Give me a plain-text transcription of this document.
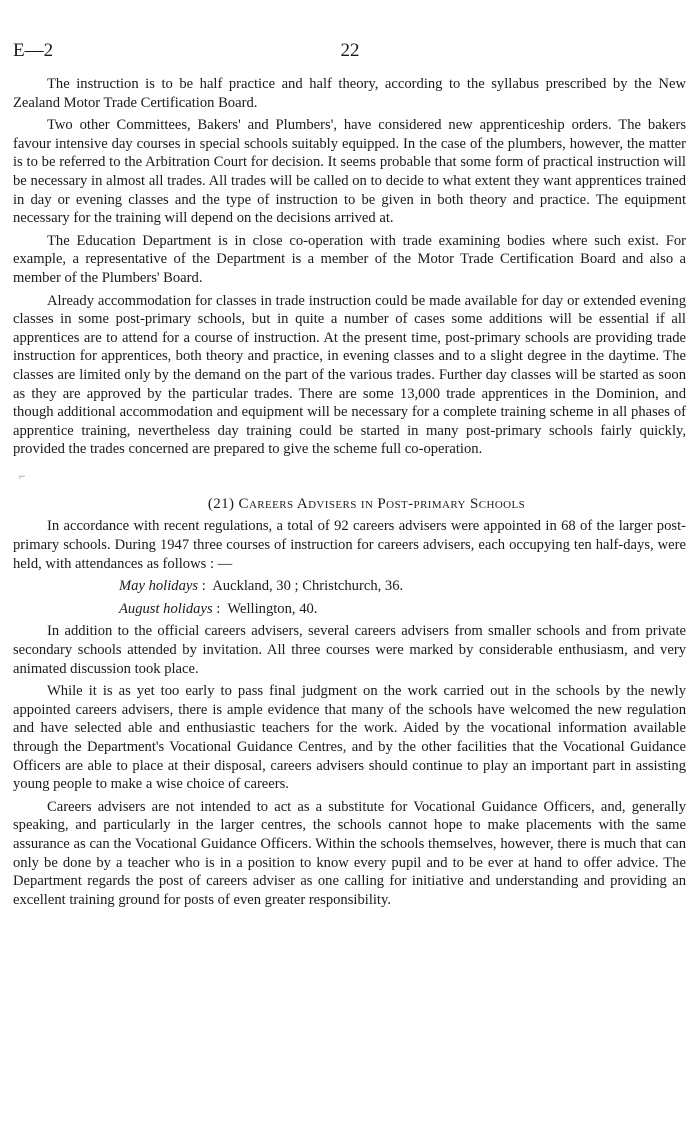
E—2	22

The instruction is to be half practice and half theory, according to the syllabus prescribed by the New Zealand Motor Trade Certification Board.

Two other Committees, Bakers' and Plumbers', have considered new apprenticeship orders. The bakers favour intensive day courses in special schools suitably equipped. In the case of the plumbers, however, the matter is to be referred to the Arbitration Court for decision. It seems probable that some form of practical instruction will be necessary in almost all trades. All trades will be called on to decide to what extent they want apprentices trained in day or evening classes and the type of instruction to be given in both theory and practice. The equipment necessary for the training will depend on the decisions arrived at.

The Education Department is in close co-operation with trade examining bodies where such exist. For example, a representative of the Department is a member of the Motor Trade Certification Board and also a member of the Plumbers' Board.

Already accommodation for classes in trade instruction could be made available for day or extended evening classes in some post-primary schools, but in quite a number of cases some additions will be essential if all apprentices are to attend for a course of instruction. At the present time, post-primary schools are providing trade instruction for apprentices, both theory and practice, in evening classes and to a slight degree in the daytime. The classes are limited only by the demand on the part of the various trades. Further day classes will be started as soon as they are approved by the particular trades. There are some 13,000 trade apprentices in the Dominion, and though additional accommodation and equipment will be necessary for a complete training scheme in all phases of apprentice training, nevertheless day training could be started in many post-primary schools fairly quickly, provided the trades concerned are prepared to give the scheme full co-operation.

⌐

(21) Careers Advisers in Post-primary Schools

In accordance with recent regulations, a total of 92 careers advisers were appointed in 68 of the larger post-primary schools. During 1947 three courses of instruction for careers advisers, each occupying ten half-days, were held, with attendances as follows : —

May holidays :  Auckland, 30 ; Christchurch, 36.

August holidays :  Wellington, 40.

In addition to the official careers advisers, several careers advisers from smaller schools and from private secondary schools attended by invitation. All three courses were marked by considerable enthusiasm, and very animated discussion took place.

While it is as yet too early to pass final judgment on the work carried out in the schools by the newly appointed careers advisers, there is ample evidence that many of the schools have welcomed the new regulation and have selected able and enthusiastic teachers for the work. Aided by the vocational information available through the Department's Vocational Guidance Centres, and by the other facilities that the Vocational Guidance Officers are able to place at their disposal, careers advisers should continue to play an important part in assisting young people to make a wise choice of careers.

Careers advisers are not intended to act as a substitute for Vocational Guidance Officers, and, generally speaking, and particularly in the larger centres, the schools cannot hope to make placements with the same assurance as can the Vocational Guidance Officers. Within the schools themselves, however, there is much that can only be done by a teacher who is in a position to know every pupil and to be ever at hand to offer advice. The Department regards the post of careers adviser as one calling for initiative and understanding and providing an excellent training ground for posts of even greater responsibility.
